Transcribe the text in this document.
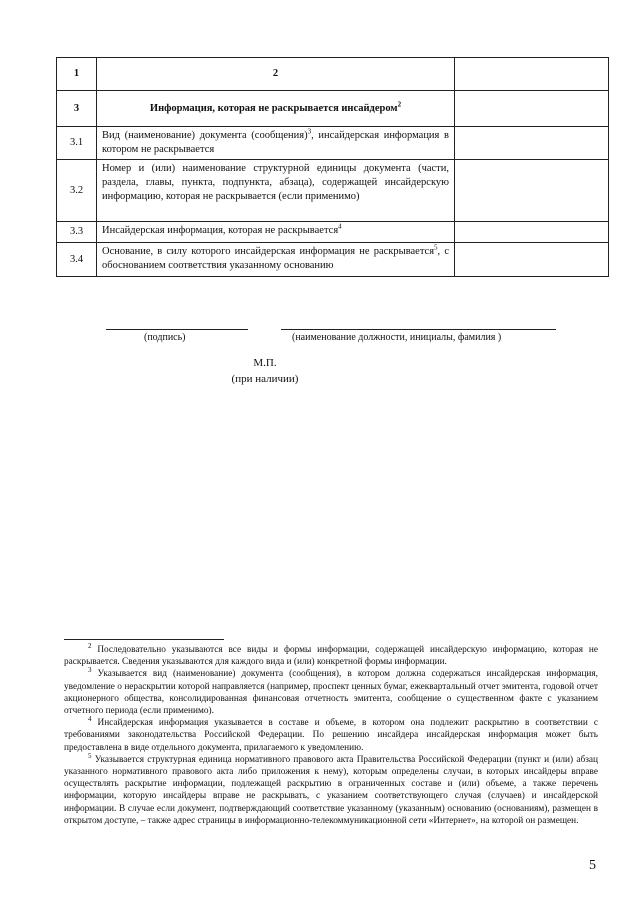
1	2	
3	Информация, которая не раскрывается инсайдером$^2$	
3.1	Вид (наименование) документа (сообщения)$^3$, инсайдерская информация в котором не раскрывается	
3.2	Номер и (или) наименование структурной единицы документа (части, раздела, главы, пункта, подпункта, абзаца), содержащей инсайдерскую информацию, которая не раскрывается (если применимо)	
3.3	Инсайдерская информация, которая не раскрывается$^4$	
3.4	Основание, в силу которого инсайдерская информация не раскрывается$^5$, с обоснованием соответствия указанному основанию	
(подпись)	(наименование должности, инициалы, фамилия )
М.П.
(при наличии)

$^2$ Последовательно указываются все виды и формы информации, содержащей инсайдерскую информацию, которая не раскрывается. Сведения указываются для каждого вида и (или) конкретной формы информации.

$^3$ Указывается вид (наименование) документа (сообщения), в котором должна содержаться инсайдерская информация, уведомление о нераскрытии которой направляется (например, проспект ценных бумаг, ежеквартальный отчет эмитента, годовой отчет акционерного общества, консолидированная финансовая отчетность эмитента, сообщение о существенном факте с указанием отчетного периода (если применимо).

$^4$ Инсайдерская информация указывается в составе и объеме, в котором она подлежит раскрытию в соответствии с требованиями законодательства Российской Федерации. По решению инсайдера инсайдерская информация может быть предоставлена в виде отдельного документа, прилагаемого к уведомлению.

$^5$ Указывается структурная единица нормативного правового акта Правительства Российской Федерации (пункт и (или) абзац указанного нормативного правового акта либо приложения к нему), которым определены случаи, в которых инсайдеры вправе осуществлять раскрытие информации, подлежащей раскрытию в ограниченных составе и (или) объеме, а также перечень информации, которую инсайдеры вправе не раскрывать, с указанием соответствующего случая (случаев) и инсайдерской информации. В случае если документ, подтверждающий соответствие указанному (указанным) основанию (основаниям), размещен в открытом доступе, – также адрес страницы в информационно-телекоммуникационной сети «Интернет», на которой он размещен.

5
